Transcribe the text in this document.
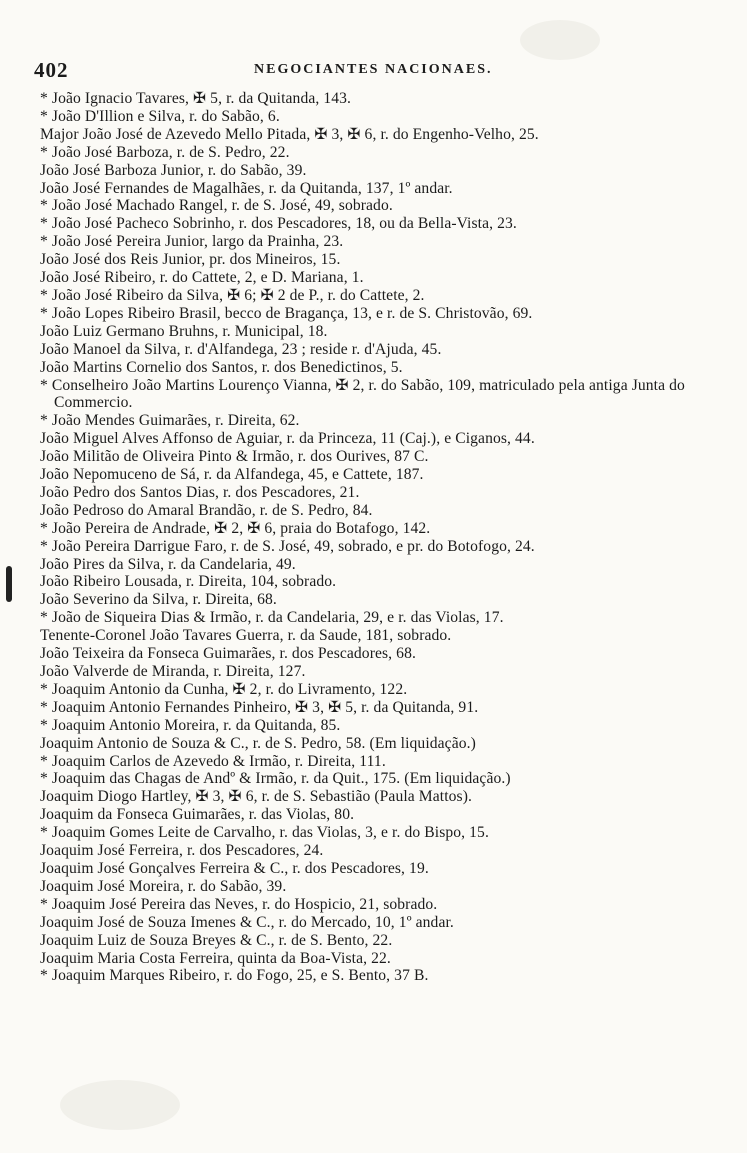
402	NEGOCIANTES NACIONAES.
* João Ignacio Tavares, ✠ 5, r. da Quitanda, 143.
* João D'Illion e Silva, r. do Sabão, 6.
Major João José de Azevedo Mello Pitada, ✠ 3, ✠ 6, r. do Engenho-Velho, 25.
* João José Barboza, r. de S. Pedro, 22.
João José Barboza Junior, r. do Sabão, 39.
João José Fernandes de Magalhães, r. da Quitanda, 137, 1º andar.
* João José Machado Rangel, r. de S. José, 49, sobrado.
* João José Pacheco Sobrinho, r. dos Pescadores, 18, ou da Bella-Vista, 23.
* João José Pereira Junior, largo da Prainha, 23.
João José dos Reis Junior, pr. dos Mineiros, 15.
João José Ribeiro, r. do Cattete, 2, e D. Mariana, 1.
* João José Ribeiro da Silva, ✠ 6; ✠ 2 de P., r. do Cattete, 2.
* João Lopes Ribeiro Brasil, becco de Bragança, 13, e r. de S. Christovão, 69.
João Luiz Germano Bruhns, r. Municipal, 18.
João Manoel da Silva, r. d'Alfandega, 23 ; reside r. d'Ajuda, 45.
João Martins Cornelio dos Santos, r. dos Benedictinos, 5.
* Conselheiro João Martins Lourenço Vianna, ✠ 2, r. do Sabão, 109, matriculado pela antiga Junta do Commercio.
* João Mendes Guimarães, r. Direita, 62.
João Miguel Alves Affonso de Aguiar, r. da Princeza, 11 (Caj.), e Ciganos, 44.
João Militão de Oliveira Pinto & Irmão, r. dos Ourives, 87 C.
João Nepomuceno de Sá, r. da Alfandega, 45, e Cattete, 187.
João Pedro dos Santos Dias, r. dos Pescadores, 21.
João Pedroso do Amaral Brandão, r. de S. Pedro, 84.
* João Pereira de Andrade, ✠ 2, ✠ 6, praia do Botafogo, 142.
* João Pereira Darrigue Faro, r. de S. José, 49, sobrado, e pr. do Botofogo, 24.
João Pires da Silva, r. da Candelaria, 49.
João Ribeiro Lousada, r. Direita, 104, sobrado.
João Severino da Silva, r. Direita, 68.
* João de Siqueira Dias & Irmão, r. da Candelaria, 29, e r. das Violas, 17.
Tenente-Coronel João Tavares Guerra, r. da Saude, 181, sobrado.
João Teixeira da Fonseca Guimarães, r. dos Pescadores, 68.
João Valverde de Miranda, r. Direita, 127.
* Joaquim Antonio da Cunha, ✠ 2, r. do Livramento, 122.
* Joaquim Antonio Fernandes Pinheiro, ✠ 3, ✠ 5, r. da Quitanda, 91.
* Joaquim Antonio Moreira, r. da Quitanda, 85.
Joaquim Antonio de Souza & C., r. de S. Pedro, 58. (Em liquidação.)
* Joaquim Carlos de Azevedo & Irmão, r. Direita, 111.
* Joaquim das Chagas de Andº & Irmão, r. da Quit., 175. (Em liquidação.)
Joaquim Diogo Hartley, ✠ 3, ✠ 6, r. de S. Sebastião (Paula Mattos).
Joaquim da Fonseca Guimarães, r. das Violas, 80.
* Joaquim Gomes Leite de Carvalho, r. das Violas, 3, e r. do Bispo, 15.
Joaquim José Ferreira, r. dos Pescadores, 24.
Joaquim José Gonçalves Ferreira & C., r. dos Pescadores, 19.
Joaquim José Moreira, r. do Sabão, 39.
* Joaquim José Pereira das Neves, r. do Hospicio, 21, sobrado.
Joaquim José de Souza Imenes & C., r. do Mercado, 10, 1º andar.
Joaquim Luiz de Souza Breyes & C., r. de S. Bento, 22.
Joaquim Maria Costa Ferreira, quinta da Boa-Vista, 22.
* Joaquim Marques Ribeiro, r. do Fogo, 25, e S. Bento, 37 B.
